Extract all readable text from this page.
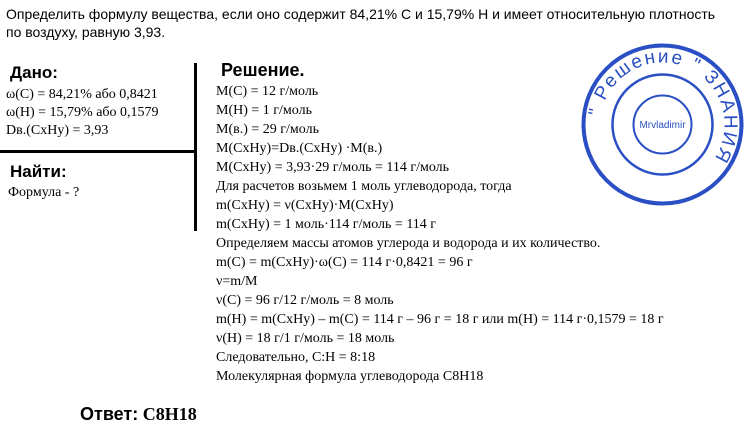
Определить формулу вещества, если оно содержит 84,21% С и 15,79% Н и имеет относительную плотность
по воздуху, равную 3,93.
Дано:
ω(С) = 84,21% або 0,8421
ω(Н) = 15,79% або 0,1579
Dв.(СхНу) = 3,93
Найти:
Формула - ?
Решение.
M(C) = 12 г/моль
M(H) = 1 г/моль
M(в.) = 29 г/моль
M(CxHy)=Dв.(CxHy) ·M(в.)
M(CxHy) = 3,93·29 г/моль = 114 г/моль
Для расчетов возьмем 1 моль углеводорода, тогда
m(CxHy) = ν(CxHy)·M(CxHy)
m(CxHy) = 1 моль·114 г/моль = 114 г
Определяем массы атомов углерода и водорода и их количество.
m(C) = m(CxHy)·ω(C) = 114 г·0,8421 = 96 г
ν=m/M
ν(C) = 96 г/12 г/моль = 8 моль
m(H) = m(CxHy) – m(C) = 114 г – 96 г = 18 г или m(H) = 114 г·0,1579 = 18 г
ν(H) = 18 г/1 г/моль = 18 моль
Следовательно, С:Н = 8:18
Молекулярная формула углеводорода С8Н18
Ответ: С8Н18
" Решение " ЗНАНИЯ
Mrvladimir
